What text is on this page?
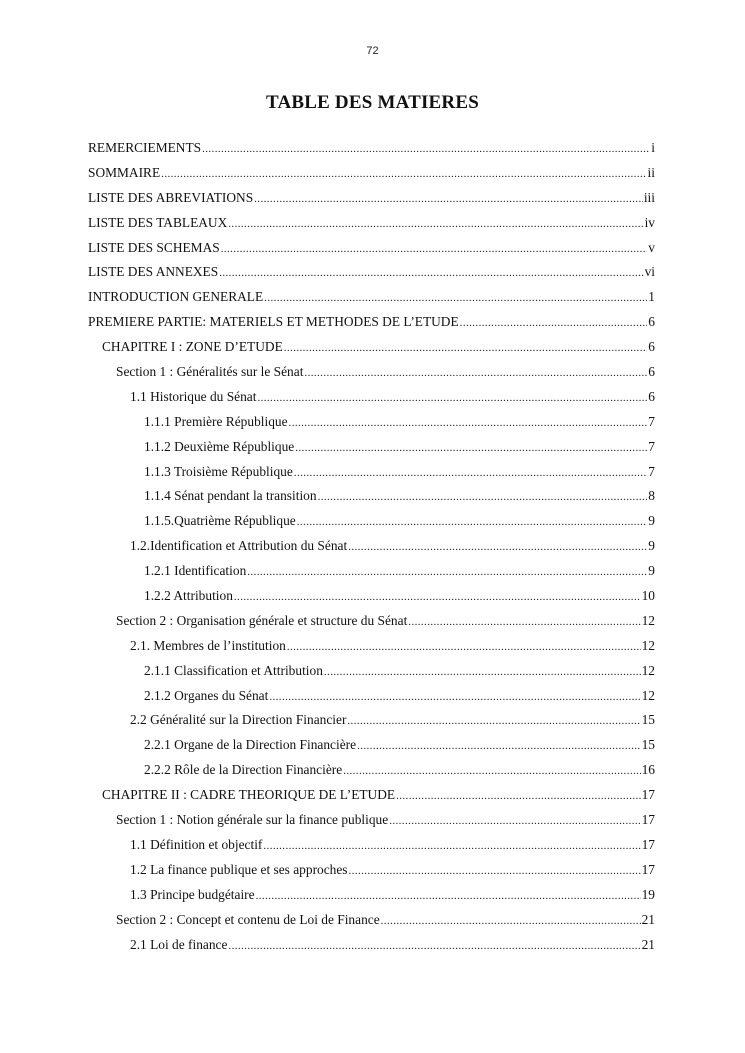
72
TABLE DES MATIERES
REMERCIEMENTS .....	i
SOMMAIRE .....	ii
LISTE DES ABREVIATIONS .....	iii
LISTE DES TABLEAUX .....	iv
LISTE DES SCHEMAS .....	v
LISTE DES ANNEXES .....	vi
INTRODUCTION GENERALE .....	1
PREMIERE PARTIE: MATERIELS ET METHODES DE L’ETUDE .....	6
CHAPITRE I : ZONE D’ETUDE .....	6
Section 1 : Généralités sur le Sénat .....	6
1.1 Historique du Sénat .....	6
1.1.1 Première République .....	7
1.1.2 Deuxième République .....	7
1.1.3 Troisième République .....	7
1.1.4 Sénat pendant la transition .....	8
1.1.5.Quatrième République .....	9
1.2.Identification et Attribution du Sénat .....	9
1.2.1 Identification .....	9
1.2.2 Attribution .....	10
Section 2 : Organisation générale et structure du Sénat .....	12
2.1. Membres de l’institution .....	12
2.1.1 Classification et Attribution .....	12
2.1.2 Organes du Sénat .....	12
2.2 Généralité sur la Direction Financier .....	15
2.2.1 Organe de la Direction Financière .....	15
2.2.2 Rôle de la Direction Financière .....	16
CHAPITRE II : CADRE THEORIQUE DE L’ETUDE .....	17
Section 1 : Notion générale sur la finance publique .....	17
1.1 Définition et objectif .....	17
1.2 La finance publique et ses approches .....	17
1.3 Principe budgétaire .....	19
Section 2 : Concept et contenu de Loi de Finance .....	21
2.1 Loi de finance .....	21
